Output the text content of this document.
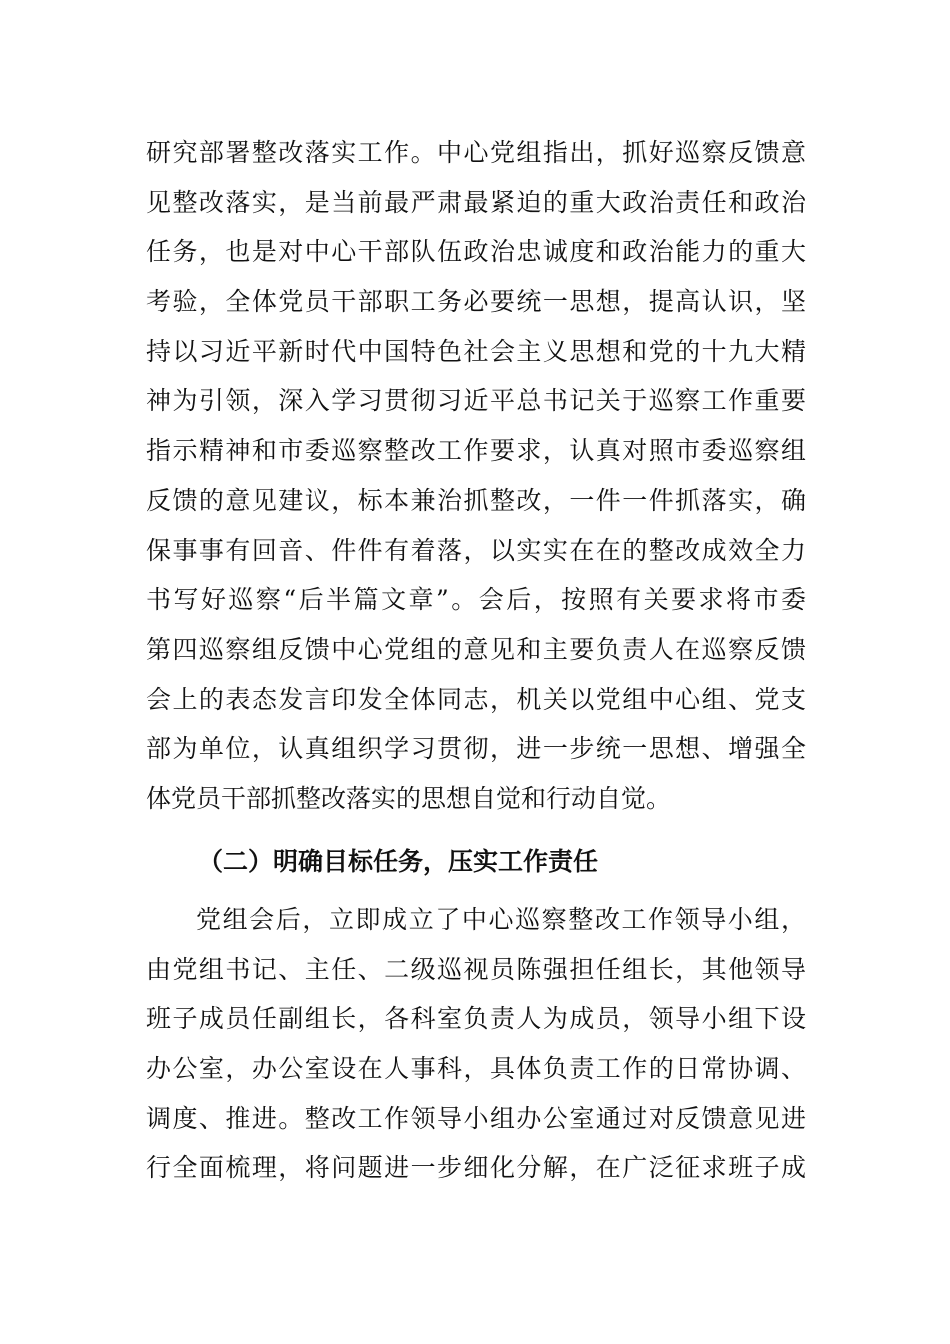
研究部署整改落实工作。中心党组指出，抓好巡察反馈意
见整改落实，是当前最严肃最紧迫的重大政治责任和政治
任务，也是对中心干部队伍政治忠诚度和政治能力的重大
考验，全体党员干部职工务必要统一思想，提高认识，坚
持以习近平新时代中国特色社会主义思想和党的十九大精
神为引领，深入学习贯彻习近平总书记关于巡察工作重要
指示精神和市委巡察整改工作要求，认真对照市委巡察组
反馈的意见建议，标本兼治抓整改，一件一件抓落实，确
保事事有回音、件件有着落，以实实在在的整改成效全力
书写好巡察“后半篇文章”。会后，按照有关要求将市委
第四巡察组反馈中心党组的意见和主要负责人在巡察反馈
会上的表态发言印发全体同志，机关以党组中心组、党支
部为单位，认真组织学习贯彻，进一步统一思想、增强全
体党员干部抓整改落实的思想自觉和行动自觉。
（二）明确目标任务，压实工作责任
党组会后，立即成立了中心巡察整改工作领导小组，
由党组书记、主任、二级巡视员陈强担任组长，其他领导
班子成员任副组长，各科室负责人为成员，领导小组下设
办公室，办公室设在人事科，具体负责工作的日常协调、
调度、推进。整改工作领导小组办公室通过对反馈意见进
行全面梳理，将问题进一步细化分解，在广泛征求班子成
